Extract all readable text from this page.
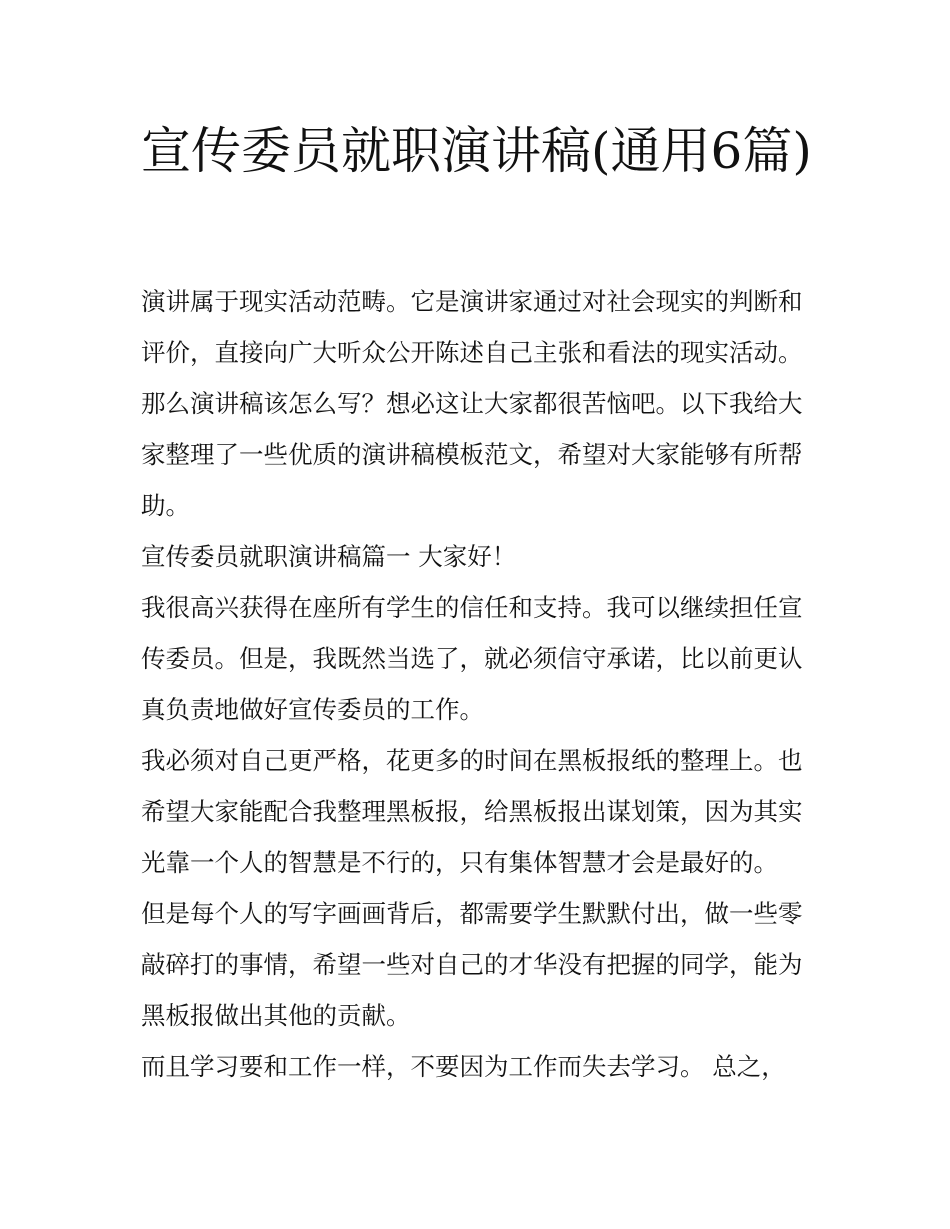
宣传委员就职演讲稿(通用6篇)

演讲属于现实活动范畴。它是演讲家通过对社会现实的判断和评价，直接向广大听众公开陈述自己主张和看法的现实活动。那么演讲稿该怎么写？想必这让大家都很苦恼吧。以下我给大家整理了一些优质的演讲稿模板范文，希望对大家能够有所帮助。

宣传委员就职演讲稿篇一 大家好！

我很高兴获得在座所有学生的信任和支持。我可以继续担任宣传委员。但是，我既然当选了，就必须信守承诺，比以前更认真负责地做好宣传委员的工作。

我必须对自己更严格，花更多的时间在黑板报纸的整理上。也希望大家能配合我整理黑板报，给黑板报出谋划策，因为其实光靠一个人的智慧是不行的，只有集体智慧才会是最好的。

但是每个人的写字画画背后，都需要学生默默付出，做一些零敲碎打的事情，希望一些对自己的才华没有把握的同学，能为黑板报做出其他的贡献。

而且学习要和工作一样，不要因为工作而失去学习。 总之，
